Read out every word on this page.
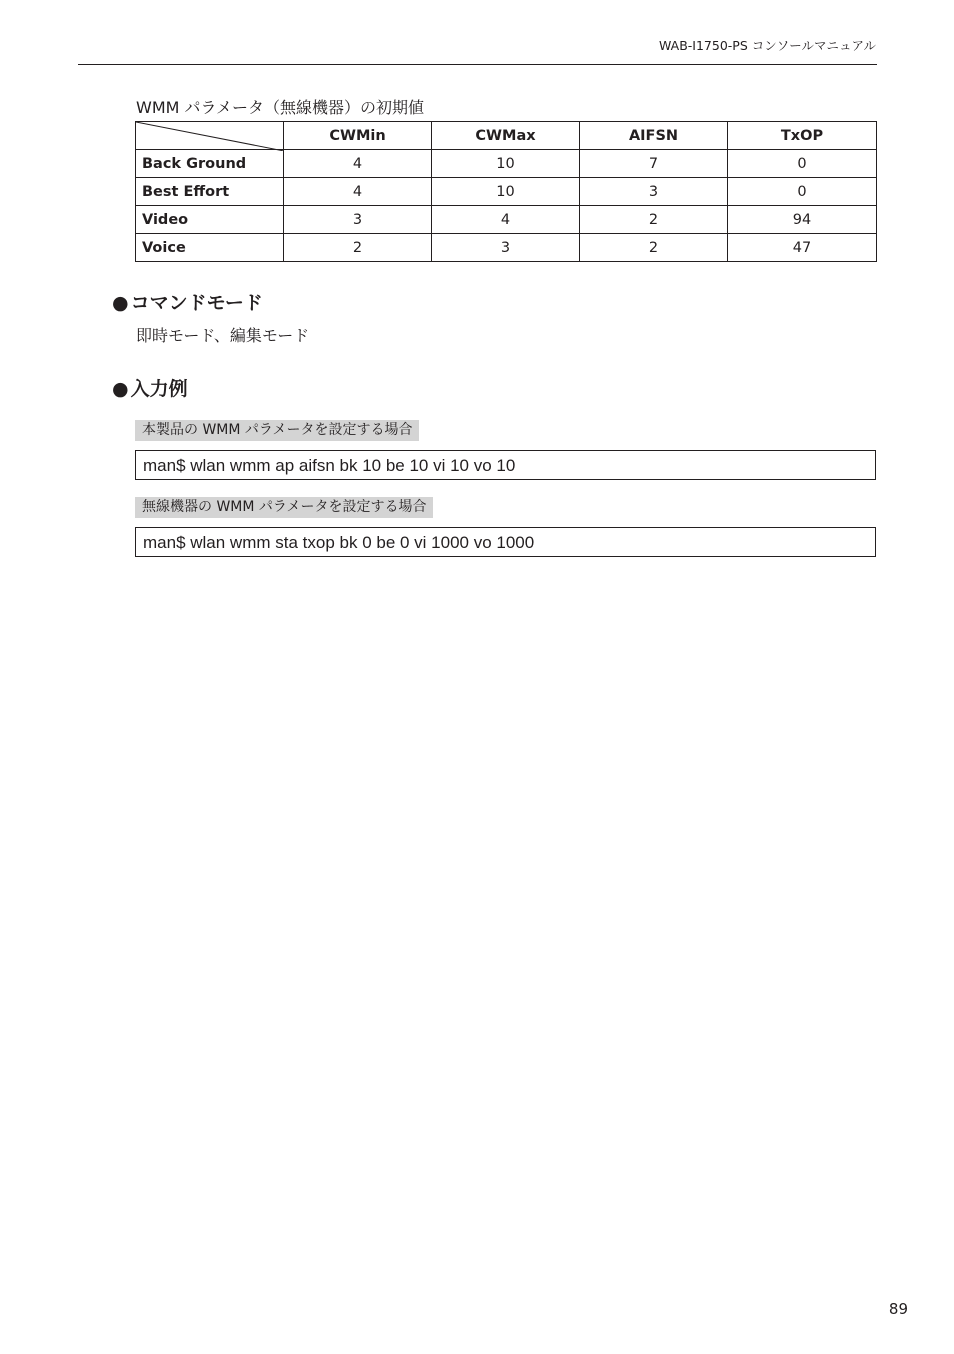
WAB-I1750-PS コンソールマニュアル
WMM パラメータ（無線機器）の初期値
	CWMin	CWMax	AIFSN	TxOP
Back Ground	4	10	7	0
Best Effort	4	10	3	0
Video	3	4	2	94
Voice	2	3	2	47
● コマンドモード
即時モード、編集モード
● 入力例
本製品の WMM パラメータを設定する場合
man$ wlan wmm ap aifsn bk 10 be 10 vi 10 vo 10
無線機器の WMM パラメータを設定する場合
man$ wlan wmm sta txop bk 0 be 0 vi 1000 vo 1000
89
